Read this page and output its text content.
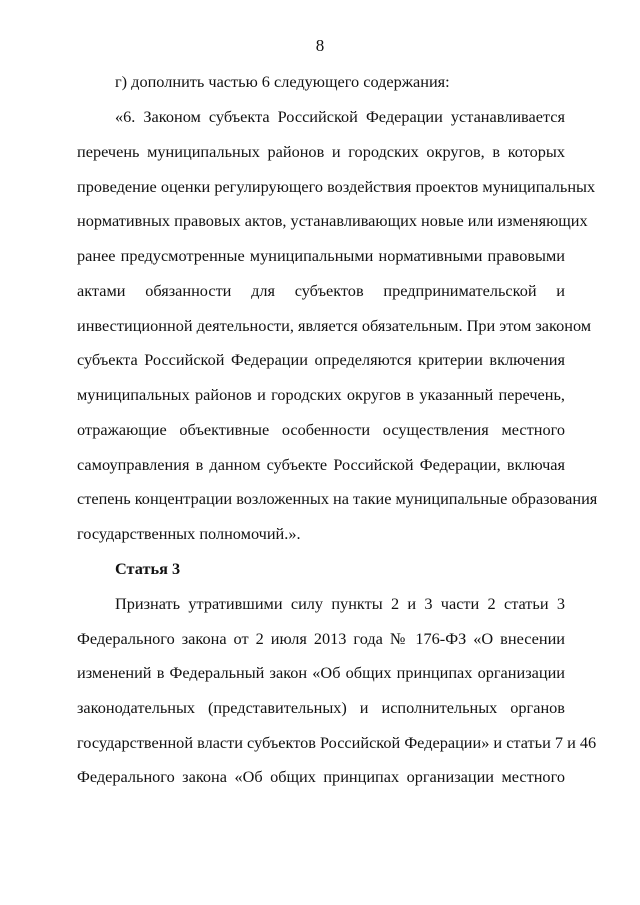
8
г) дополнить частью 6 следующего содержания:
«6. Законом субъекта Российской Федерации устанавливается
перечень муниципальных районов и городских округов, в которых
проведение оценки регулирующего воздействия проектов муниципальных
нормативных правовых актов, устанавливающих новые или изменяющих
ранее предусмотренные муниципальными нормативными правовыми
актами обязанности для субъектов предпринимательской и
инвестиционной деятельности, является обязательным. При этом законом
субъекта Российской Федерации определяются критерии включения
муниципальных районов и городских округов в указанный перечень,
отражающие объективные особенности осуществления местного
самоуправления в данном субъекте Российской Федерации, включая
степень концентрации возложенных на такие муниципальные образования
государственных полномочий.».
Статья 3
Признать утратившими силу пункты 2 и 3 части 2 статьи 3
Федерального закона от 2 июля 2013 года № 176-ФЗ «О внесении
изменений в Федеральный закон «Об общих принципах организации
законодательных (представительных) и исполнительных органов
государственной власти субъектов Российской Федерации» и статьи 7 и 46
Федерального закона «Об общих принципах организации местного
